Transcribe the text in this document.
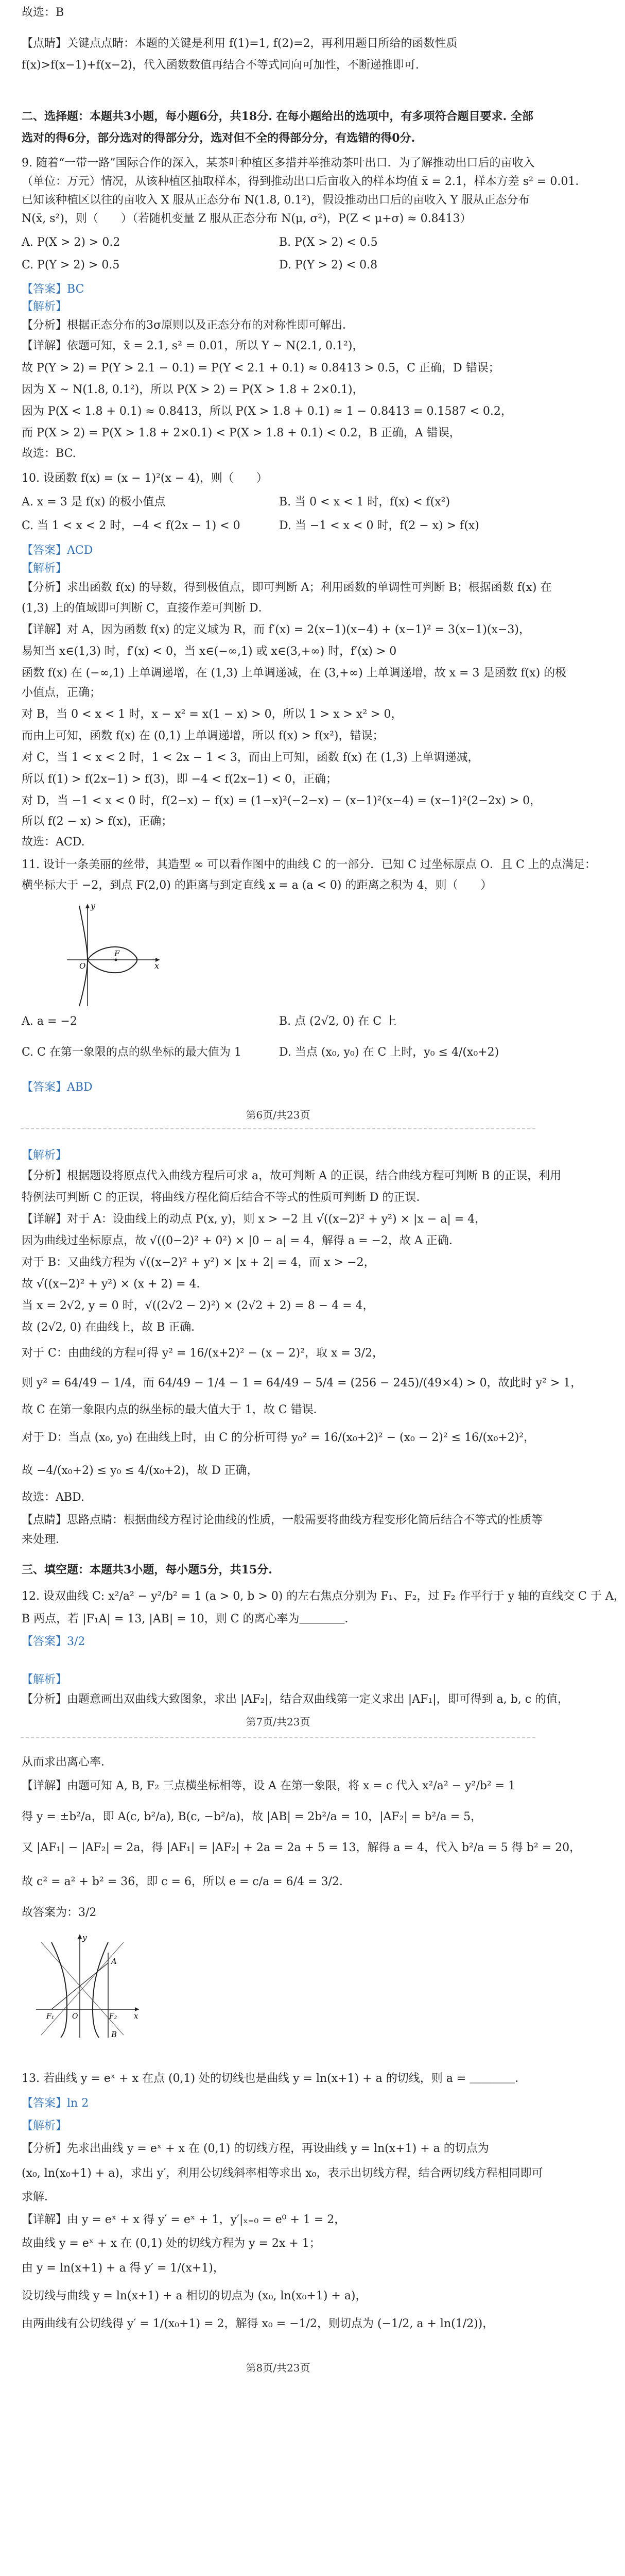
故选：B
【点睛】关键点点睛：本题的关键是利用 f(1)=1, f(2)=2，再利用题目所给的函数性质 f(x)>f(x−1)+f(x−2)，代入函数数值再结合不等式同向可加性，不断递推即可.
二、选择题：本题共3小题，每小题6分，共18分. 在每小题给出的选项中，有多项符合题目要求. 全部选对的得6分，部分选对的得部分分，选对但不全的得部分分，有选错的得0分.
9. 随着“一带一路”国际合作的深入，某茶叶种植区多措并举推动茶叶出口．为了解推动出口后的亩收入
（单位：万元）情况，从该种植区抽取样本，得到推动出口后亩收入的样本均值 x̄ = 2.1，样本方差 s² = 0.01．
已知该种植区以往的亩收入 X 服从正态分布 N(1.8, 0.1²)，假设推动出口后的亩收入 Y 服从正态分布
N(x̄, s²)，则（　　）（若随机变量 Z 服从正态分布 N(μ, σ²)，P(Z < μ+σ) ≈ 0.8413）
A. P(X > 2) > 0.2	B. P(X > 2) < 0.5
C. P(Y > 2) > 0.5	D. P(Y > 2) < 0.8
【答案】BC
【解析】
【分析】根据正态分布的3σ原则以及正态分布的对称性即可解出．
【详解】依题可知，x̄ = 2.1, s² = 0.01，所以 Y ~ N(2.1, 0.1²)，
故 P(Y > 2) = P(Y > 2.1 − 0.1) = P(Y < 2.1 + 0.1) ≈ 0.8413 > 0.5，C 正确，D 错误；
因为 X ~ N(1.8, 0.1²)，所以 P(X > 2) = P(X > 1.8 + 2×0.1)，
因为 P(X < 1.8 + 0.1) ≈ 0.8413，所以 P(X > 1.8 + 0.1) ≈ 1 − 0.8413 = 0.1587 < 0.2，
而 P(X > 2) = P(X > 1.8 + 2×0.1) < P(X > 1.8 + 0.1) < 0.2，B 正确，A 错误，
故选：BC.
10. 设函数 f(x) = (x − 1)²(x − 4)，则（　　）
A. x = 3 是 f(x) 的极小值点	B. 当 0 < x < 1 时，f(x) < f(x²)
C. 当 1 < x < 2 时，−4 < f(2x − 1) < 0	D. 当 −1 < x < 0 时，f(2 − x) > f(x)
【答案】ACD
【解析】
【分析】求出函数 f(x) 的导数，得到极值点，即可判断 A；利用函数的单调性可判断 B；根据函数 f(x) 在
(1,3) 上的值域即可判断 C，直接作差可判断 D．
【详解】对 A，因为函数 f(x) 的定义域为 R，而 f′(x) = 2(x−1)(x−4) + (x−1)² = 3(x−1)(x−3)，
易知当 x∈(1,3) 时，f′(x) < 0，当 x∈(−∞,1) 或 x∈(3,+∞) 时，f′(x) > 0
函数 f(x) 在 (−∞,1) 上单调递增，在 (1,3) 上单调递减，在 (3,+∞) 上单调递增，故 x = 3 是函数 f(x) 的极
小值点，正确；
对 B，当 0 < x < 1 时，x − x² = x(1 − x) > 0，所以 1 > x > x² > 0，
而由上可知，函数 f(x) 在 (0,1) 上单调递增，所以 f(x) > f(x²)，错误；
对 C，当 1 < x < 2 时，1 < 2x − 1 < 3，而由上可知，函数 f(x) 在 (1,3) 上单调递减，
所以 f(1) > f(2x−1) > f(3)，即 −4 < f(2x−1) < 0，正确；
对 D，当 −1 < x < 0 时，f(2−x) − f(x) = (1−x)²(−2−x) − (x−1)²(x−4) = (x−1)²(2−2x) > 0，
所以 f(2 − x) > f(x)，正确；
故选：ACD.
11. 设计一条美丽的丝带，其造型 ∞ 可以看作图中的曲线 C 的一部分．已知 C 过坐标原点 O．且 C 上的点满足：
横坐标大于 −2，到点 F(2,0) 的距离与到定直线 x = a (a < 0) 的距离之积为 4，则（　　）
y
x
O
F
A. a = −2	B. 点 (2√2, 0) 在 C 上
C. C 在第一象限的点的纵坐标的最大值为 1	D. 当点 (x₀, y₀) 在 C 上时，y₀ ≤ 4/(x₀+2)
【答案】ABD
第6页/共23页
【解析】
【分析】根据题设将原点代入曲线方程后可求 a，故可判断 A 的正误，结合曲线方程可判断 B 的正误，利用
特例法可判断 C 的正误，将曲线方程化简后结合不等式的性质可判断 D 的正误．
【详解】对于 A：设曲线上的动点 P(x, y)，则 x > −2 且 √((x−2)² + y²) × |x − a| = 4，
因为曲线过坐标原点，故 √((0−2)² + 0²) × |0 − a| = 4，解得 a = −2，故 A 正确．
对于 B：又曲线方程为 √((x−2)² + y²) × |x + 2| = 4，而 x > −2，
故 √((x−2)² + y²) × (x + 2) = 4．
当 x = 2√2, y = 0 时，√((2√2 − 2)²) × (2√2 + 2) = 8 − 4 = 4，
故 (2√2, 0) 在曲线上，故 B 正确．
对于 C：由曲线的方程可得 y² = 16/(x+2)² − (x − 2)²，取 x = 3/2，
则 y² = 64/49 − 1/4，而 64/49 − 1/4 − 1 = 64/49 − 5/4 = (256 − 245)/(49×4) > 0，故此时 y² > 1，
故 C 在第一象限内点的纵坐标的最大值大于 1，故 C 错误．
对于 D：当点 (x₀, y₀) 在曲线上时，由 C 的分析可得 y₀² = 16/(x₀+2)² − (x₀ − 2)² ≤ 16/(x₀+2)²，
故 −4/(x₀+2) ≤ y₀ ≤ 4/(x₀+2)，故 D 正确，
故选：ABD.
【点睛】思路点睛：根据曲线方程讨论曲线的性质，一般需要将曲线方程变形化简后结合不等式的性质等
来处理．
三、填空题：本题共3小题，每小题5分，共15分.
12. 设双曲线 C: x²/a² − y²/b² = 1 (a > 0, b > 0) 的左右焦点分别为 F₁、F₂，过 F₂ 作平行于 y 轴的直线交 C 于 A，
B 两点，若 |F₁A| = 13, |AB| = 10，则 C 的离心率为＿＿＿＿．
【答案】3/2
【解析】
【分析】由题意画出双曲线大致图象，求出 |AF₂|，结合双曲线第一定义求出 |AF₁|，即可得到 a, b, c 的值，
第7页/共23页
从而求出离心率．
【详解】由题可知 A, B, F₂ 三点横坐标相等，设 A 在第一象限，将 x = c 代入 x²/a² − y²/b² = 1
得 y = ±b²/a，即 A(c, b²/a), B(c, −b²/a)，故 |AB| = 2b²/a = 10，|AF₂| = b²/a = 5，
又 |AF₁| − |AF₂| = 2a，得 |AF₁| = |AF₂| + 2a = 2a + 5 = 13，解得 a = 4，代入 b²/a = 5 得 b² = 20，
故 c² = a² + b² = 36，即 c = 6，所以 e = c/a = 6/4 = 3/2．
故答案为：3/2
y
x
O
A
B
F₁	F₂
13. 若曲线 y = eˣ + x 在点 (0,1) 处的切线也是曲线 y = ln(x+1) + a 的切线，则 a = ＿＿＿＿．
【答案】ln 2
【解析】
【分析】先求出曲线 y = eˣ + x 在 (0,1) 的切线方程，再设曲线 y = ln(x+1) + a 的切点为
(x₀, ln(x₀+1) + a)，求出 y′，利用公切线斜率相等求出 x₀，表示出切线方程，结合两切线方程相同即可
求解．
【详解】由 y = eˣ + x 得 y′ = eˣ + 1，y′|ₓ₌₀ = e⁰ + 1 = 2，
故曲线 y = eˣ + x 在 (0,1) 处的切线方程为 y = 2x + 1；
由 y = ln(x+1) + a 得 y′ = 1/(x+1)，
设切线与曲线 y = ln(x+1) + a 相切的切点为 (x₀, ln(x₀+1) + a)，
由两曲线有公切线得 y′ = 1/(x₀+1) = 2，解得 x₀ = −1/2，则切点为 (−1/2, a + ln(1/2))，
第8页/共23页
